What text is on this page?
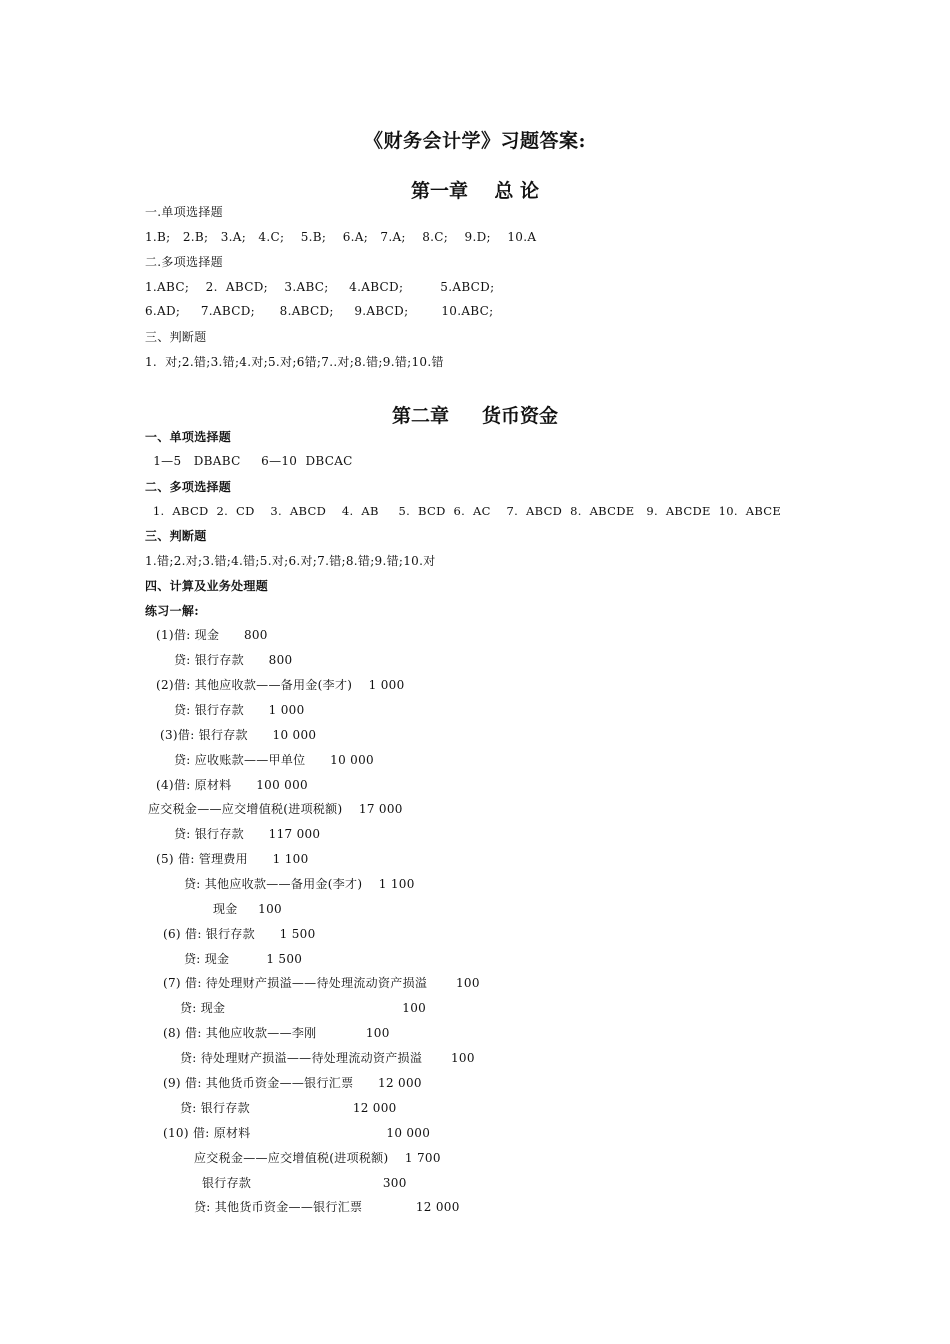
《财务会计学》习题答案:
第一章    总 论
一.单项选择题
1.B;   2.B;   3.A;   4.C;    5.B;    6.A;   7.A;    8.C;    9.D;    10.A
二.多项选择题
1.ABC;    2.  ABCD;    3.ABC;     4.ABCD;         5.ABCD;
6.AD;     7.ABCD;      8.ABCD;     9.ABCD;        10.ABC;
三、判断题
1.  对;2.错;3.错;4.对;5.对;6错;7..对;8.错;9.错;10.错
第二章     货币资金
一、单项选择题
1—5   DBABC     6—10  DBCAC
二、多项选择题
1.  ABCD  2.  CD    3.  ABCD    4.  AB     5.  BCD  6.  AC    7.  ABCD  8.  ABCDE   9.  ABCDE  10.  ABCE
三、判断题
1.错;2.对;3.错;4.错;5.对;6.对;7.错;8.错;9.错;10.对
四、计算及业务处理题
练习一解:
(1)借: 现金      800
贷: 银行存款      800
(2)借: 其他应收款——备用金(李才)    1 000
贷: 银行存款      1 000
(3)借: 银行存款      10 000
贷: 应收账款——甲单位      10 000
(4)借: 原材料      100 000
应交税金——应交增值税(进项税额)    17 000
贷: 银行存款      117 000
(5) 借: 管理费用      1 100
贷: 其他应收款——备用金(李才)    1 100
现金     100
(6) 借: 银行存款      1 500
贷: 现金         1 500
(7) 借: 待处理财产损溢——待处理流动资产损溢       100
贷: 现金                                           100
(8) 借: 其他应收款——李刚            100
贷: 待处理财产损溢——待处理流动资产损溢       100
(9) 借: 其他货币资金——银行汇票      12 000
贷: 银行存款                         12 000
(10) 借: 原材料                                 10 000
应交税金——应交增值税(进项税额)    1 700
银行存款                                300
贷: 其他货币资金——银行汇票             12 000
